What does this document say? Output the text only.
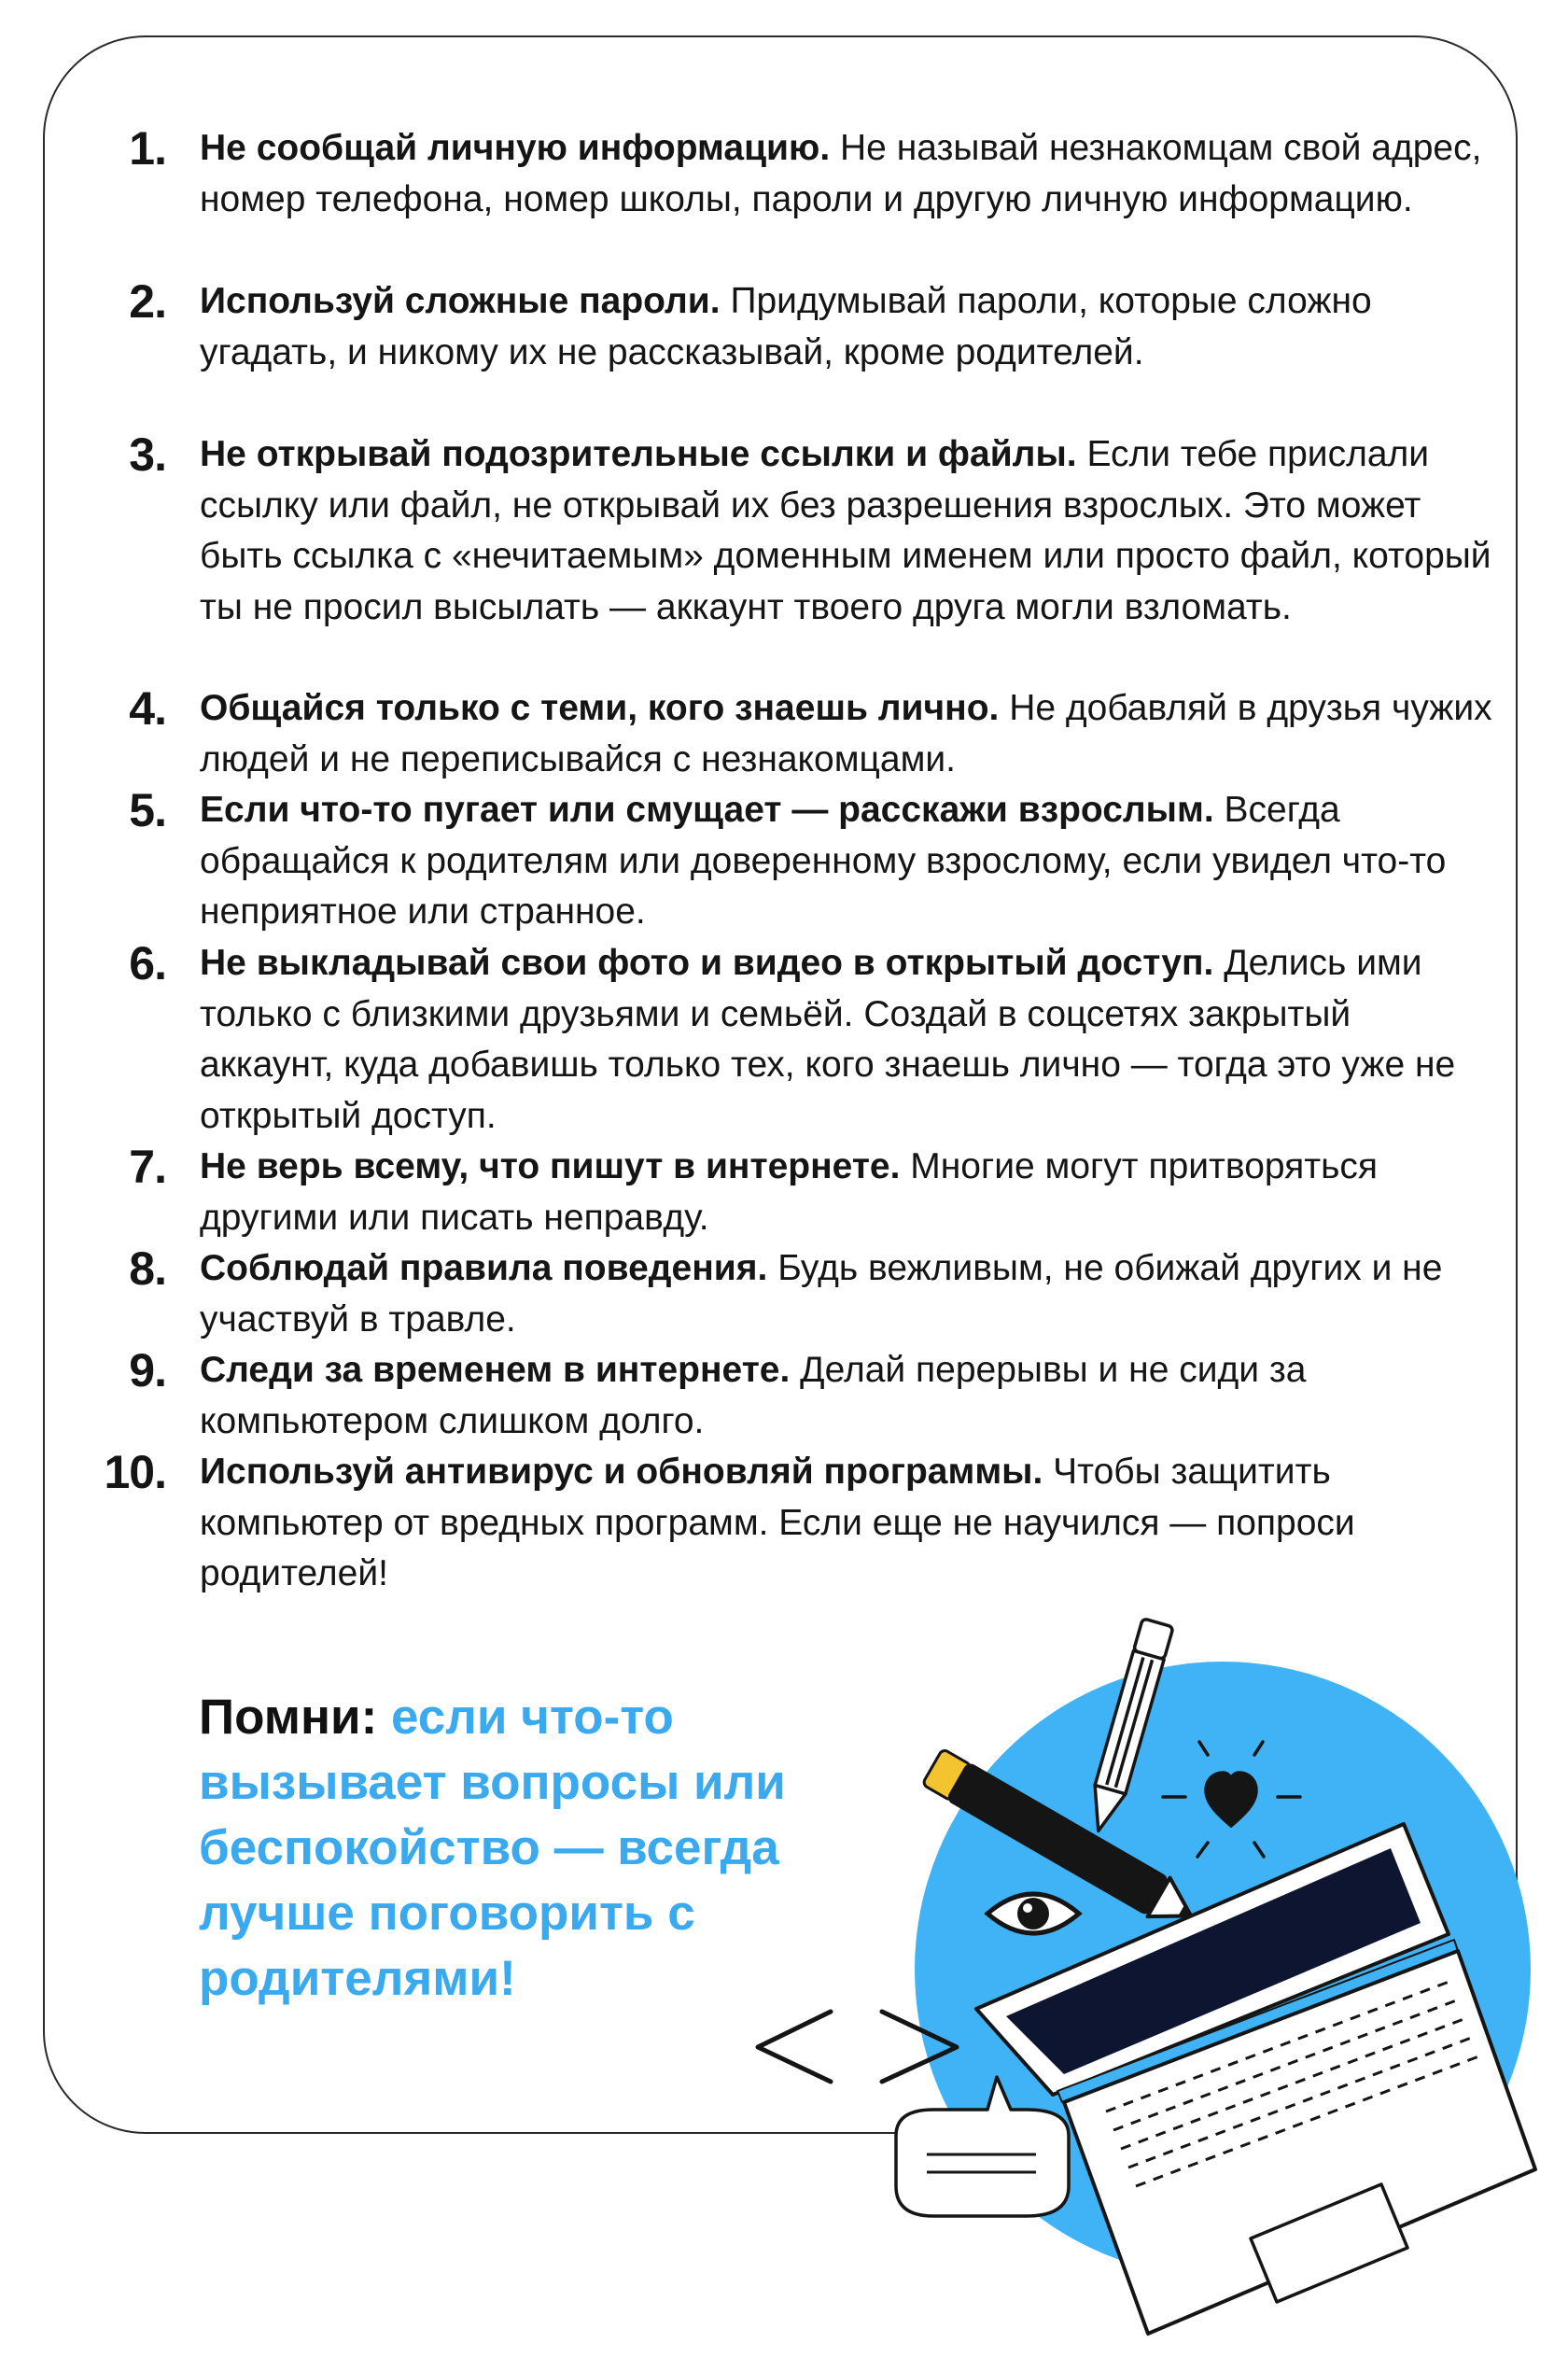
1. Не сообщай личную информацию. Не называй незнакомцам свой адрес, номер телефона, номер школы, пароли и другую личную информацию.
2. Используй сложные пароли. Придумывай пароли, которые сложно угадать, и никому их не рассказывай, кроме родителей.
3. Не открывай подозрительные ссылки и файлы. Если тебе прислали ссылку или файл, не открывай их без разрешения взрослых. Это может быть ссылка с «нечитаемым» доменным именем или просто файл, который ты не просил высылать — аккаунт твоего друга могли взломать.
4. Общайся только с теми, кого знаешь лично. Не добавляй в друзья чужих людей и не переписывайся с незнакомцами.
5. Если что-то пугает или смущает — расскажи взрослым. Всегда обращайся к родителям или доверенному взрослому, если увидел что-то неприятное или странное.
6. Не выкладывай свои фото и видео в открытый доступ. Делись ими только с близкими друзьями и семьёй. Создай в соцсетях закрытый аккаунт, куда добавишь только тех, кого знаешь лично — тогда это уже не открытый доступ.
7. Не верь всему, что пишут в интернете. Многие могут притворяться другими или писать неправду.
8. Соблюдай правила поведения. Будь вежливым, не обижай других и не участвуй в травле.
9. Следи за временем в интернете. Делай перерывы и не сиди за компьютером слишком долго.
10. Используй антивирус и обновляй программы. Чтобы защитить компьютер от вредных программ. Если еще не научился — попроси родителей!
Помни: если что-то вызывает вопросы или беспокойство — всегда лучше поговорить с родителями!
